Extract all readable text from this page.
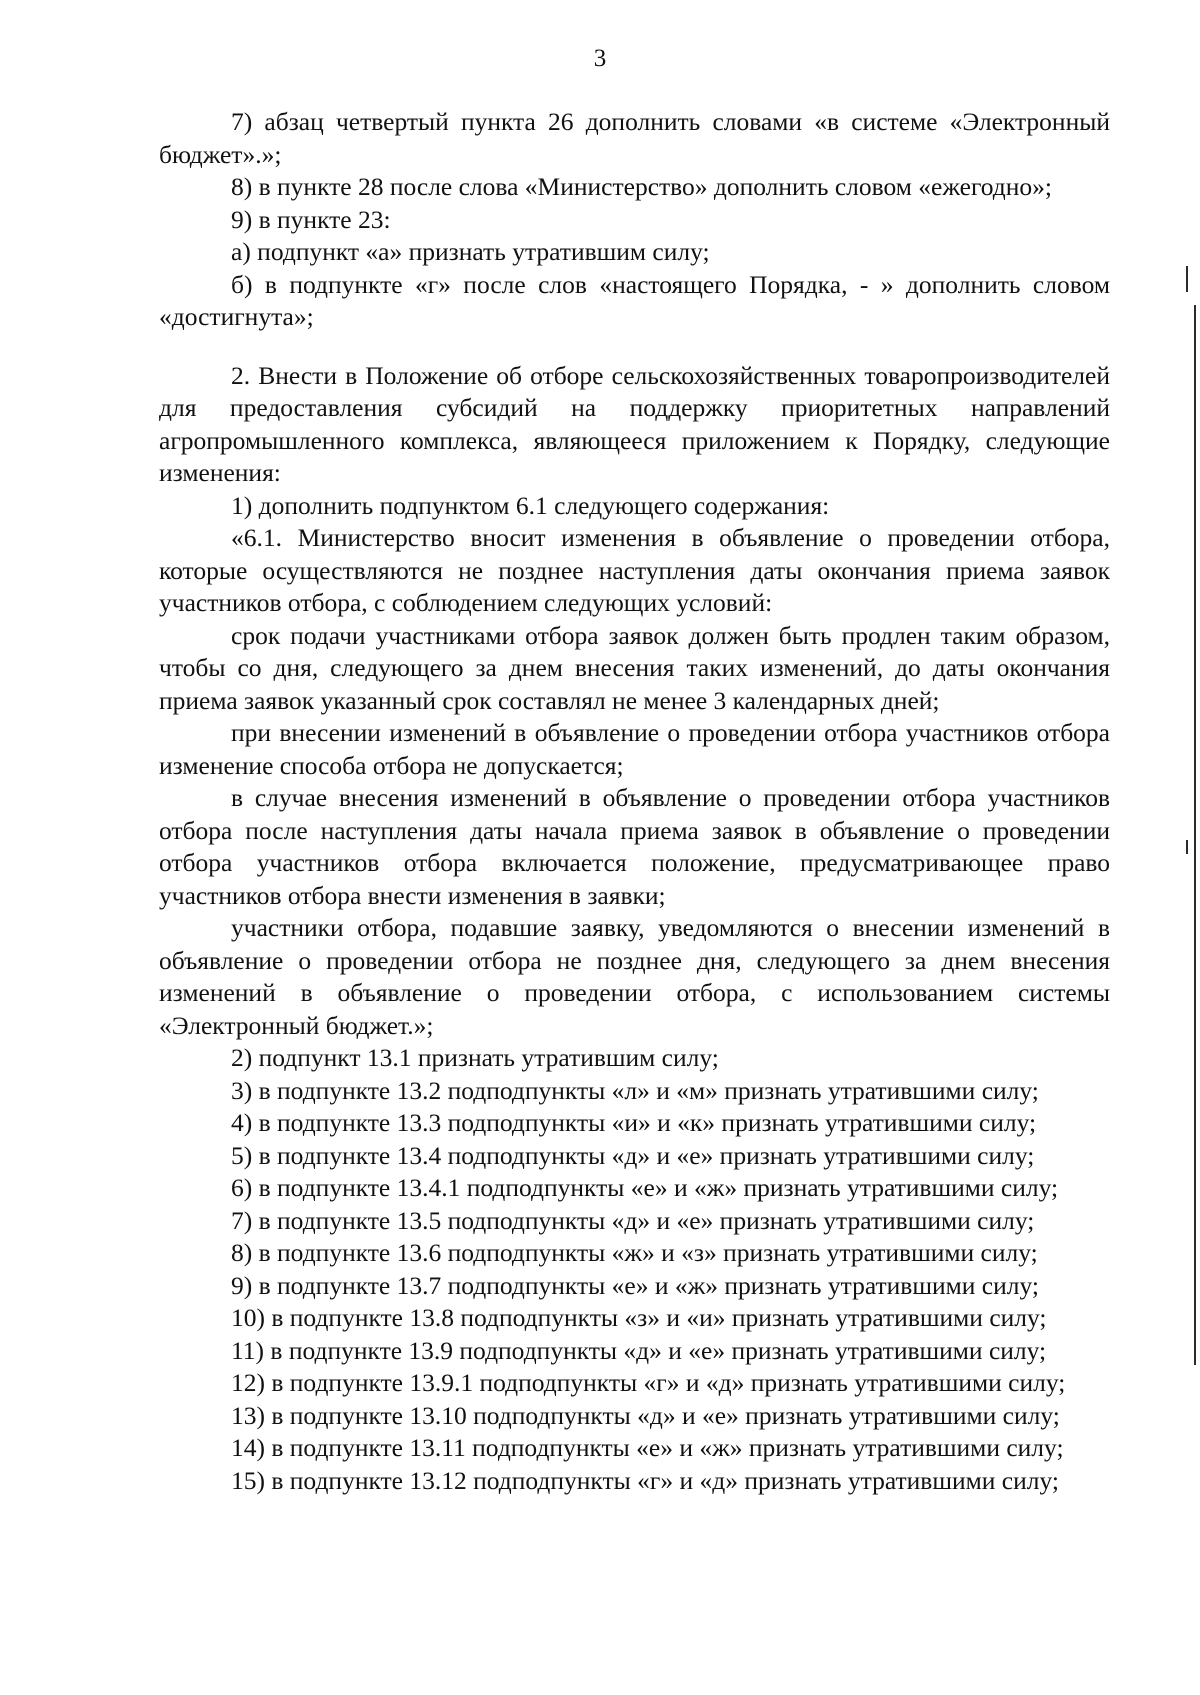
3

7) абзац четвертый пункта 26 дополнить словами «в системе «Электронный бюджет».»;

8) в пункте 28 после слова «Министерство» дополнить словом «ежегодно»;

9) в пункте 23:

а) подпункт «а» признать утратившим силу;

б) в подпункте «г» после слов «настоящего Порядка, - » дополнить словом «достигнута»;

2. Внести в Положение об отборе сельскохозяйственных товаропроизводителей для предоставления субсидий на поддержку приоритетных направлений агропромышленного комплекса, являющееся приложением к Порядку, следующие изменения:

1) дополнить подпунктом 6.1 следующего содержания:

«6.1. Министерство вносит изменения в объявление о проведении отбора, которые осуществляются не позднее наступления даты окончания приема заявок участников отбора, с соблюдением следующих условий:

срок подачи участниками отбора заявок должен быть продлен таким образом, чтобы со дня, следующего за днем внесения таких изменений, до даты окончания приема заявок указанный срок составлял не менее 3 календарных дней;

при внесении изменений в объявление о проведении отбора участников отбора изменение способа отбора не допускается;

в случае внесения изменений в объявление о проведении отбора участников отбора после наступления даты начала приема заявок в объявление о проведении отбора участников отбора включается положение, предусматривающее право участников отбора внести изменения в заявки;

участники отбора, подавшие заявку, уведомляются о внесении изменений в объявление о проведении отбора не позднее дня, следующего за днем внесения изменений в объявление о проведении отбора, с использованием системы «Электронный бюджет.»;

2) подпункт 13.1 признать утратившим силу;

3) в подпункте 13.2 подподпункты «л» и «м» признать утратившими силу;

4) в подпункте 13.3 подподпункты «и» и «к» признать утратившими силу;

5) в подпункте 13.4 подподпункты «д» и «е» признать утратившими силу;

6) в подпункте 13.4.1 подподпункты «е» и «ж» признать утратившими силу;

7) в подпункте 13.5 подподпункты «д» и «е» признать утратившими силу;

8) в подпункте 13.6 подподпункты «ж» и «з» признать утратившими силу;

9) в подпункте 13.7 подподпункты «е» и «ж» признать утратившими силу;

10) в подпункте 13.8 подподпункты «з» и «и» признать утратившими силу;

11) в подпункте 13.9 подподпункты «д» и «е» признать утратившими силу;

12) в подпункте 13.9.1 подподпункты «г» и «д» признать утратившими силу;

13) в подпункте 13.10 подподпункты «д» и «е» признать утратившими силу;

14) в подпункте 13.11 подподпункты «е» и «ж» признать утратившими силу;

15) в подпункте 13.12 подподпункты «г» и «д» признать утратившими силу;
